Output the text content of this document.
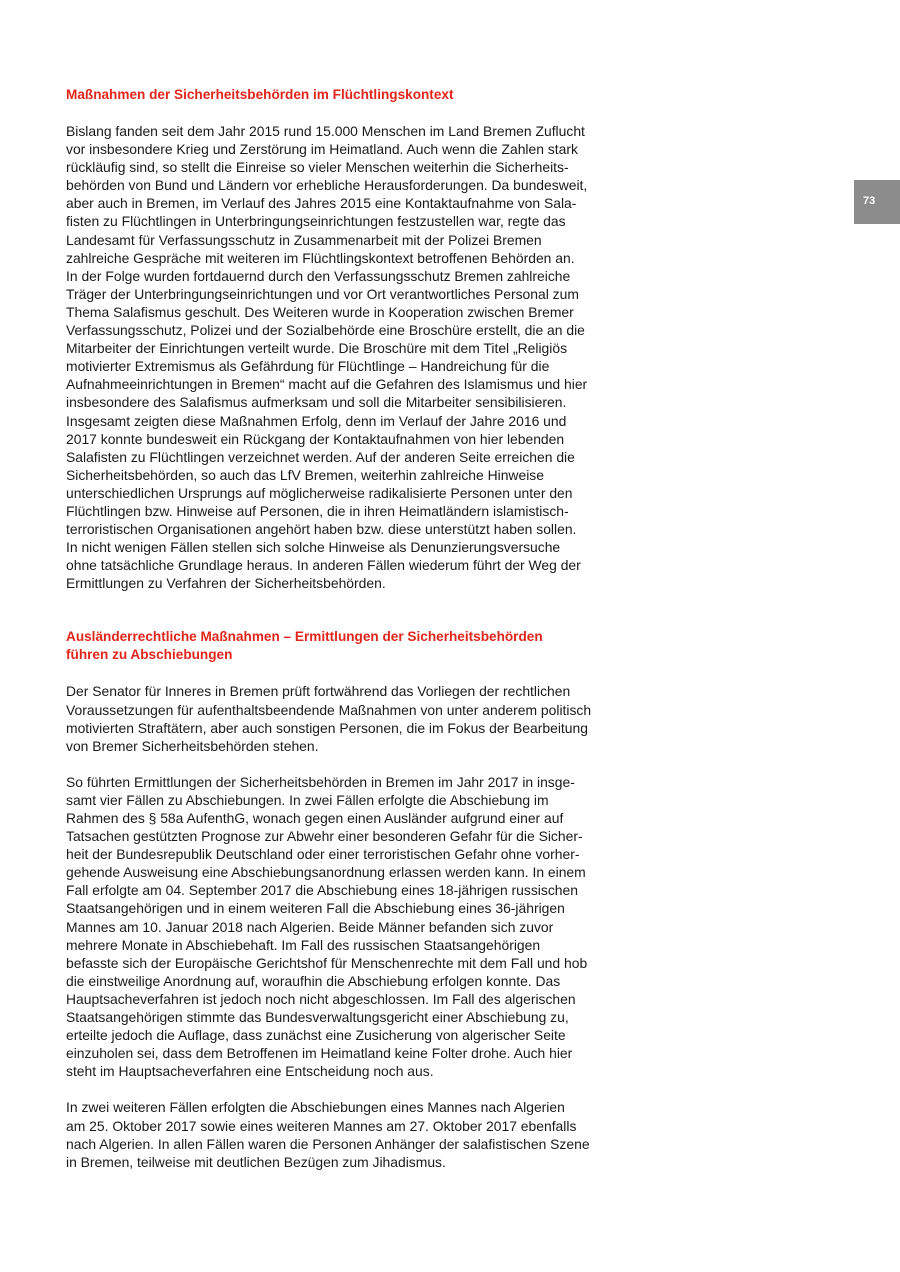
73
Maßnahmen der Sicherheitsbehörden im Flüchtlingskontext

Bislang fanden seit dem Jahr 2015 rund 15.000 Menschen im Land Bremen Zuflucht
vor insbesondere Krieg und Zerstörung im Heimatland. Auch wenn die Zahlen stark
rückläufig sind, so stellt die Einreise so vieler Menschen weiterhin die Sicherheits-
behörden von Bund und Ländern vor erhebliche Herausforderungen. Da bundesweit,
aber auch in Bremen, im Verlauf des Jahres 2015 eine Kontaktaufnahme von Sala-
fisten zu Flüchtlingen in Unterbringungseinrichtungen festzustellen war, regte das
Landesamt für Verfassungsschutz in Zusammenarbeit mit der Polizei Bremen
zahlreiche Gespräche mit weiteren im Flüchtlingskontext betroffenen Behörden an.
In der Folge wurden fortdauernd durch den Verfassungsschutz Bremen zahlreiche
Träger der Unterbringungseinrichtungen und vor Ort verantwortliches Personal zum
Thema Salafismus geschult. Des Weiteren wurde in Kooperation zwischen Bremer
Verfassungsschutz, Polizei und der Sozialbehörde eine Broschüre erstellt, die an die
Mitarbeiter der Einrichtungen verteilt wurde. Die Broschüre mit dem Titel „Religiös
motivierter Extremismus als Gefährdung für Flüchtlinge – Handreichung für die
Aufnahmeeinrichtungen in Bremen“ macht auf die Gefahren des Islamismus und hier
insbesondere des Salafismus aufmerksam und soll die Mitarbeiter sensibilisieren.
Insgesamt zeigten diese Maßnahmen Erfolg, denn im Verlauf der Jahre 2016 und
2017 konnte bundesweit ein Rückgang der Kontaktaufnahmen von hier lebenden
Salafisten zu Flüchtlingen verzeichnet werden. Auf der anderen Seite erreichen die
Sicherheitsbehörden, so auch das LfV Bremen, weiterhin zahlreiche Hinweise
unterschiedlichen Ursprungs auf möglicherweise radikalisierte Personen unter den
Flüchtlingen bzw. Hinweise auf Personen, die in ihren Heimatländern islamistisch-
terroristischen Organisationen angehört haben bzw. diese unterstützt haben sollen.
In nicht wenigen Fällen stellen sich solche Hinweise als Denunzierungsversuche
ohne tatsächliche Grundlage heraus. In anderen Fällen wiederum führt der Weg der
Ermittlungen zu Verfahren der Sicherheitsbehörden.

Ausländerrechtliche Maßnahmen – Ermittlungen der Sicherheitsbehörden
führen zu Abschiebungen

Der Senator für Inneres in Bremen prüft fortwährend das Vorliegen der rechtlichen
Voraussetzungen für aufenthaltsbeendende Maßnahmen von unter anderem politisch
motivierten Straftätern, aber auch sonstigen Personen, die im Fokus der Bearbeitung
von Bremer Sicherheitsbehörden stehen.

So führten Ermittlungen der Sicherheitsbehörden in Bremen im Jahr 2017 in insge-
samt vier Fällen zu Abschiebungen. In zwei Fällen erfolgte die Abschiebung im
Rahmen des § 58a AufenthG, wonach gegen einen Ausländer aufgrund einer auf
Tatsachen gestützten Prognose zur Abwehr einer besonderen Gefahr für die Sicher-
heit der Bundesrepublik Deutschland oder einer terroristischen Gefahr ohne vorher-
gehende Ausweisung eine Abschiebungsanordnung erlassen werden kann. In einem
Fall erfolgte am 04. September 2017 die Abschiebung eines 18-jährigen russischen
Staatsangehörigen und in einem weiteren Fall die Abschiebung eines 36-jährigen
Mannes am 10. Januar 2018 nach Algerien. Beide Männer befanden sich zuvor
mehrere Monate in Abschiebehaft. Im Fall des russischen Staatsangehörigen
befasste sich der Europäische Gerichtshof für Menschenrechte mit dem Fall und hob
die einstweilige Anordnung auf, woraufhin die Abschiebung erfolgen konnte. Das
Hauptsacheverfahren ist jedoch noch nicht abgeschlossen. Im Fall des algerischen
Staatsangehörigen stimmte das Bundesverwaltungsgericht einer Abschiebung zu,
erteilte jedoch die Auflage, dass zunächst eine Zusicherung von algerischer Seite
einzuholen sei, dass dem Betroffenen im Heimatland keine Folter drohe. Auch hier
steht im Hauptsacheverfahren eine Entscheidung noch aus.

In zwei weiteren Fällen erfolgten die Abschiebungen eines Mannes nach Algerien
am 25. Oktober 2017 sowie eines weiteren Mannes am 27. Oktober 2017 ebenfalls
nach Algerien. In allen Fällen waren die Personen Anhänger der salafistischen Szene
in Bremen, teilweise mit deutlichen Bezügen zum Jihadismus.
